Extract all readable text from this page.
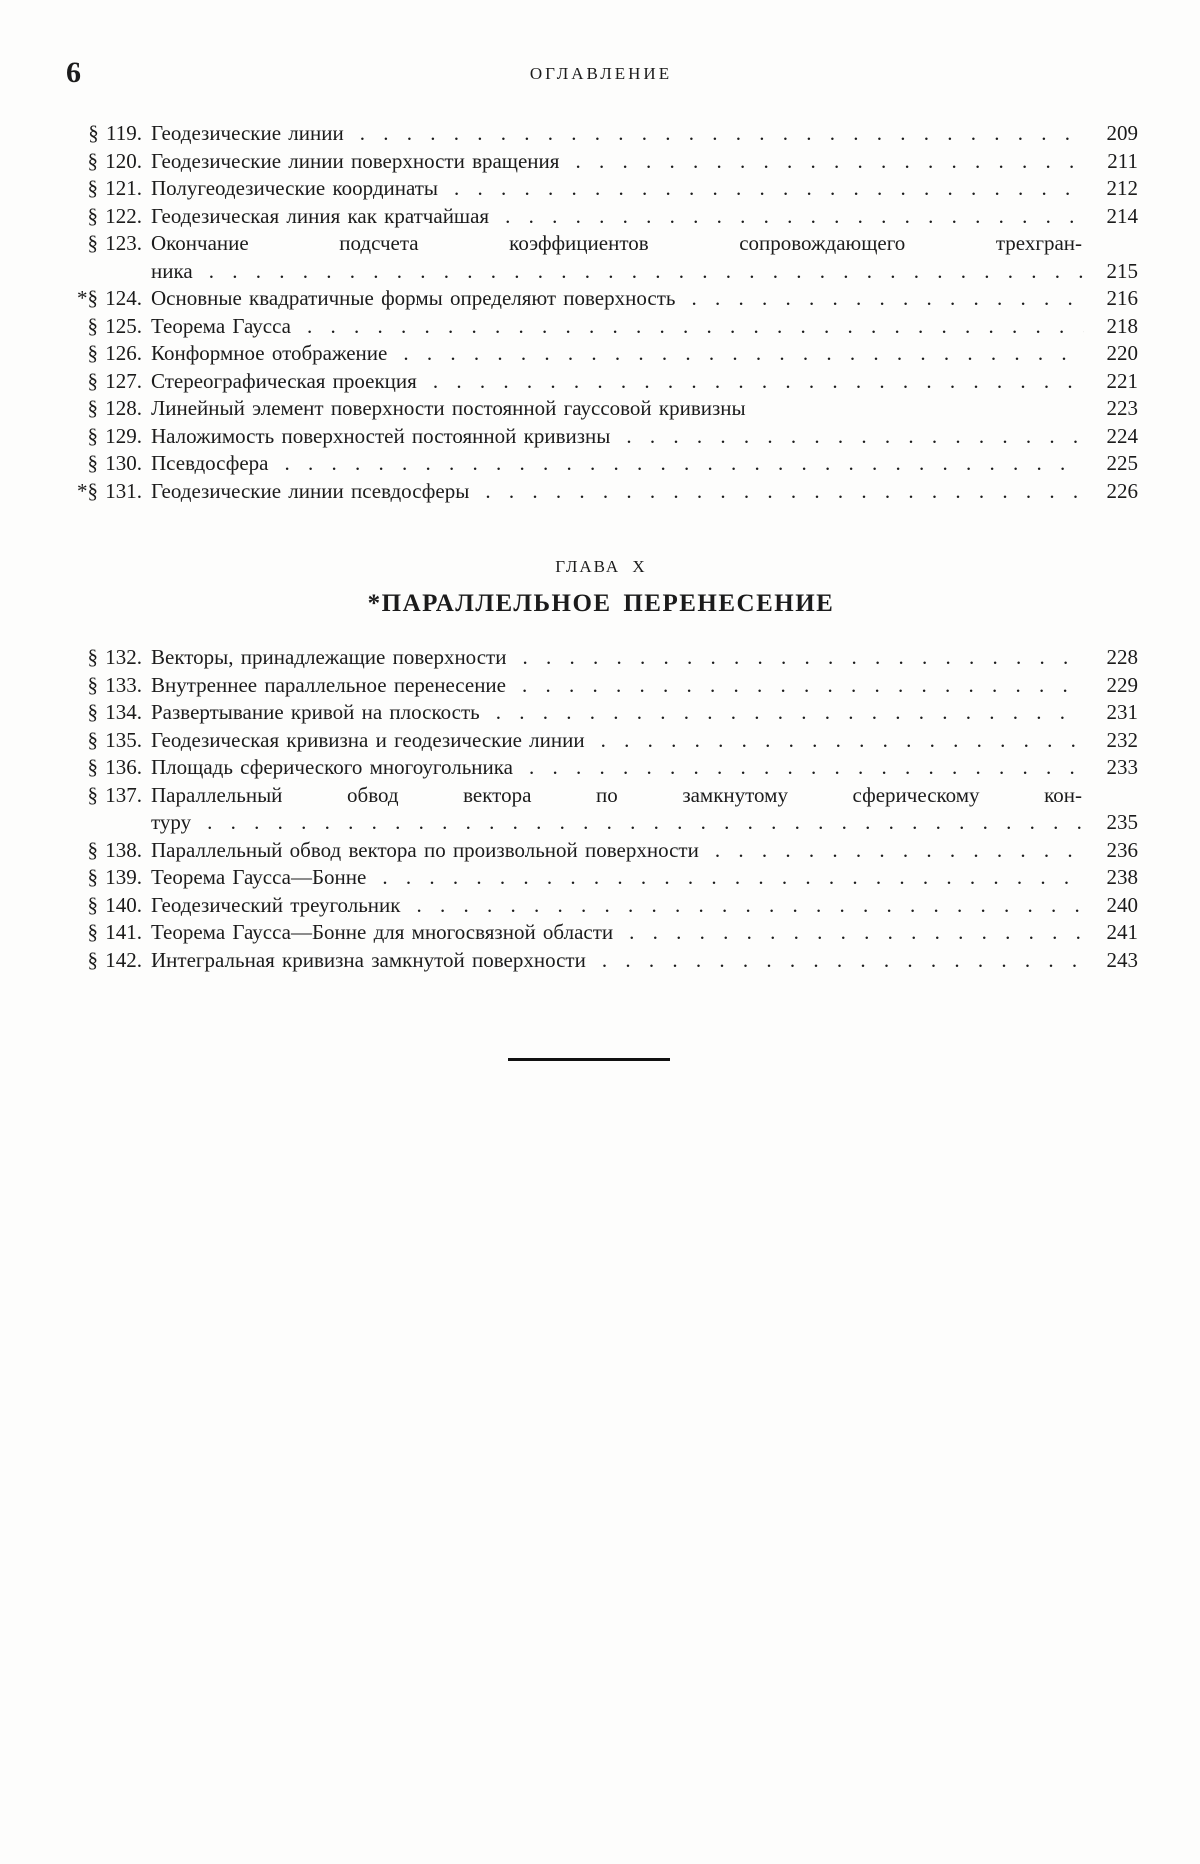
6	ОГЛАВЛЕНИЕ
§ 119. Геодезические линии . . .	209
§ 120. Геодезические линии поверхности вращения . . .	211
§ 121. Полугеодезические координаты . . .	212
§ 122. Геодезическая линия как кратчайшая . . .	214
§ 123. Окончание подсчета коэффициентов сопровождающего трехгран-
ника . . .	215
*§ 124. Основные квадратичные формы определяют поверхность . . .	216
§ 125. Теорема Гаусса . . .	218
§ 126. Конформное отображение . . .	220
§ 127. Стереографическая проекция . . .	221
§ 128. Линейный элемент поверхности постоянной гауссовой кривизны	223
§ 129. Наложимость поверхностей постоянной кривизны . . .	224
§ 130. Псевдосфера . . .	225
*§ 131. Геодезические линии псевдосферы . . .	226
ГЛАВА X
*ПАРАЛЛЕЛЬНОЕ ПЕРЕНЕСЕНИЕ
§ 132. Векторы, принадлежащие поверхности . . .	228
§ 133. Внутреннее параллельное перенесение . . .	229
§ 134. Развертывание кривой на плоскость . . .	231
§ 135. Геодезическая кривизна и геодезические линии . . .	232
§ 136. Площадь сферического многоугольника . . .	233
§ 137. Параллельный обвод вектора по замкнутому сферическому кон-
туру . . .	235
§ 138. Параллельный обвод вектора по произвольной поверхности . . .	236
§ 139. Теорема Гаусса—Бонне . . .	238
§ 140. Геодезический треугольник . . .	240
§ 141. Теорема Гаусса—Бонне для многосвязной области . . .	241
§ 142. Интегральная кривизна замкнутой поверхности . . .	243
